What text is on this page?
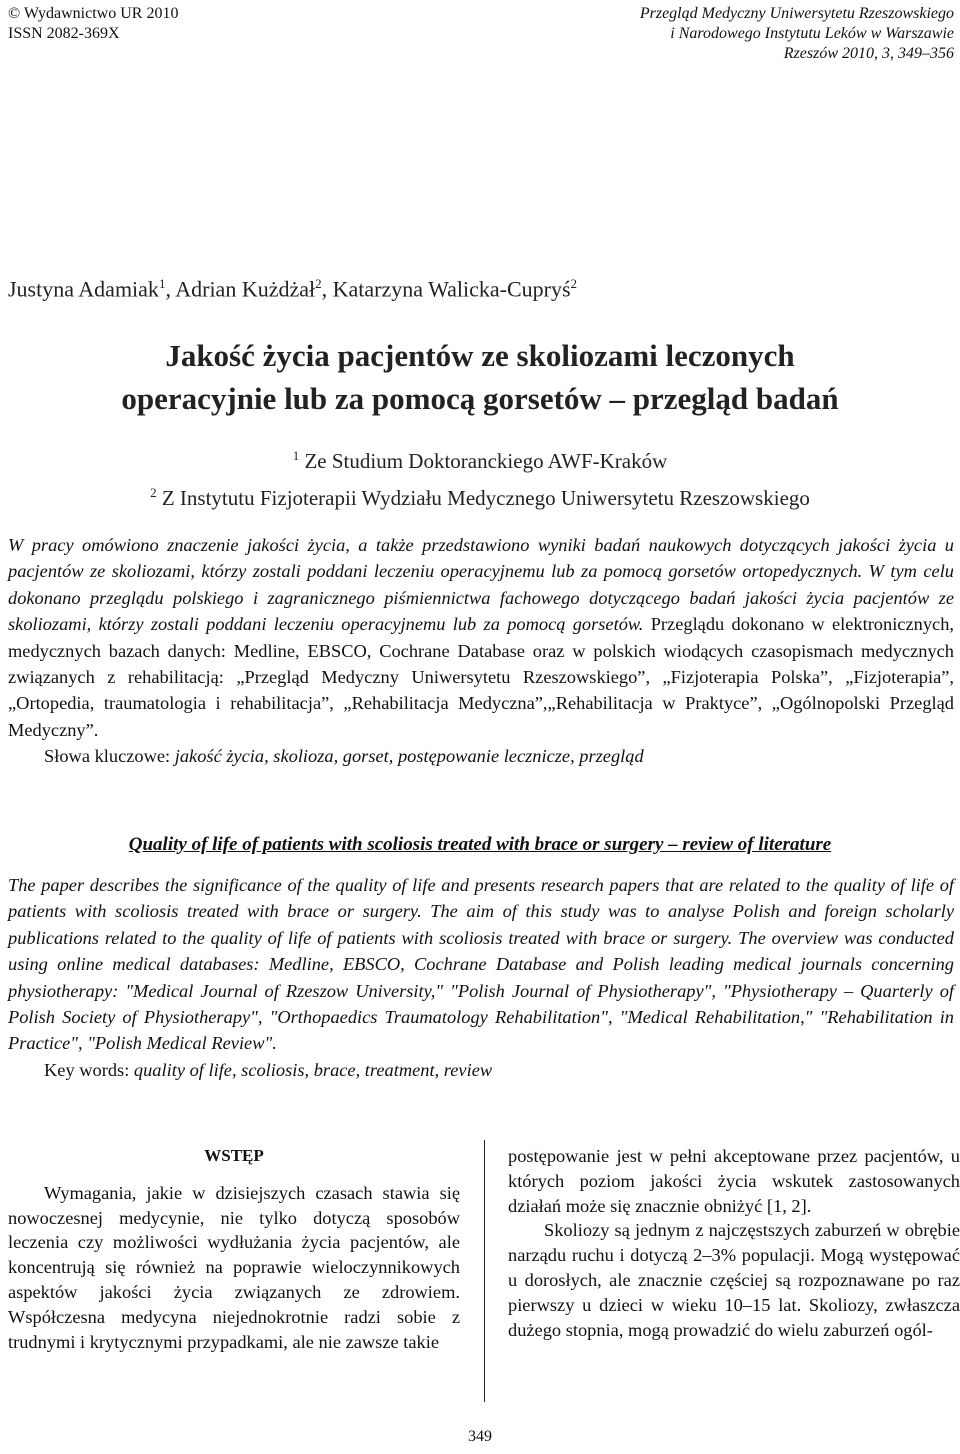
© Wydawnictwo UR 2010
ISSN 2082-369X
Przegląd Medyczny Uniwersytetu Rzeszowskiego
i Narodowego Instytutu Leków w Warszawie
Rzeszów 2010, 3, 349–356
Justyna Adamiak$^1$, Adrian Kużdżał$^2$, Katarzyna Walicka-Cupryś$^2$
Jakość życia pacjentów ze skoliozami leczonych
operacyjnie lub za pomocą gorsetów – przegląd badań
$^1$ Ze Studium Doktoranckiego AWF-Kraków
$^2$ Z Instytutu Fizjoterapii Wydziału Medycznego Uniwersytetu Rzeszowskiego
W pracy omówiono znaczenie jakości życia, a także przedstawiono wyniki badań naukowych dotyczących jakości życia u pacjentów ze skoliozami, którzy zostali poddani leczeniu operacyjnemu lub za pomocą gorsetów ortopedycznych. W tym celu dokonano przeglądu polskiego i zagranicznego piśmiennictwa fachowego dotyczącego badań jakości życia pacjentów ze skoliozami, którzy zostali poddani leczeniu operacyjnemu lub za pomocą gorsetów. Przeglądu dokonano w elektronicznych, medycznych bazach danych: Medline, EBSCO, Cochrane Database oraz w polskich wiodących czasopismach medycznych związanych z rehabilitacją: „Przegląd Medyczny Uniwersytetu Rzeszowskiego”, „Fizjoterapia Polska”, „Fizjoterapia”, „Ortopedia, traumatologia i rehabilitacja”, „Rehabilitacja Medyczna”,„Rehabilitacja w Praktyce”, „Ogólnopolski Przegląd Medyczny”.
Słowa kluczowe: jakość życia, skolioza, gorset, postępowanie lecznicze, przegląd
Quality of life of patients with scoliosis treated with brace or surgery – review of literature
The paper describes the significance of the quality of life and presents research papers that are related to the quality of life of patients with scoliosis treated with brace or surgery. The aim of this study was to analyse Polish and foreign scholarly publications related to the quality of life of patients with scoliosis treated with brace or surgery. The overview was conducted using online medical databases: Medline, EBSCO, Cochrane Database and Polish leading medical journals concerning physiotherapy: "Medical Journal of Rzeszow University," "Polish Journal of Physiotherapy", "Physiotherapy – Quarterly of Polish Society of Physiotherapy", "Orthopaedics Traumatology Rehabilitation", "Medical Rehabilitation," "Rehabilitation in Practice", "Polish Medical Review".
Key words: quality of life, scoliosis, brace, treatment, review
WSTĘP

Wymagania, jakie w dzisiejszych czasach stawia się nowoczesnej medycynie, nie tylko dotyczą sposobów leczenia czy możliwości wydłużania życia pacjentów, ale koncentrują się również na poprawie wieloczynnikowych aspektów jakości życia związanych ze zdrowiem. Współczesna medycyna niejednokrotnie radzi sobie z trudnymi i krytycznymi przypadkami, ale nie zawsze takie

postępowanie jest w pełni akceptowane przez pacjentów, u których poziom jakości życia wskutek zastosowanych działań może się znacznie obniżyć [1, 2].

Skoliozy są jednym z najczęstszych zaburzeń w obrębie narządu ruchu i dotyczą 2–3% populacji. Mogą występować u dorosłych, ale znacznie częściej są rozpoznawane po raz pierwszy u dzieci w wieku 10–15 lat. Skoliozy, zwłaszcza dużego stopnia, mogą prowadzić do wielu zaburzeń ogól-

349
